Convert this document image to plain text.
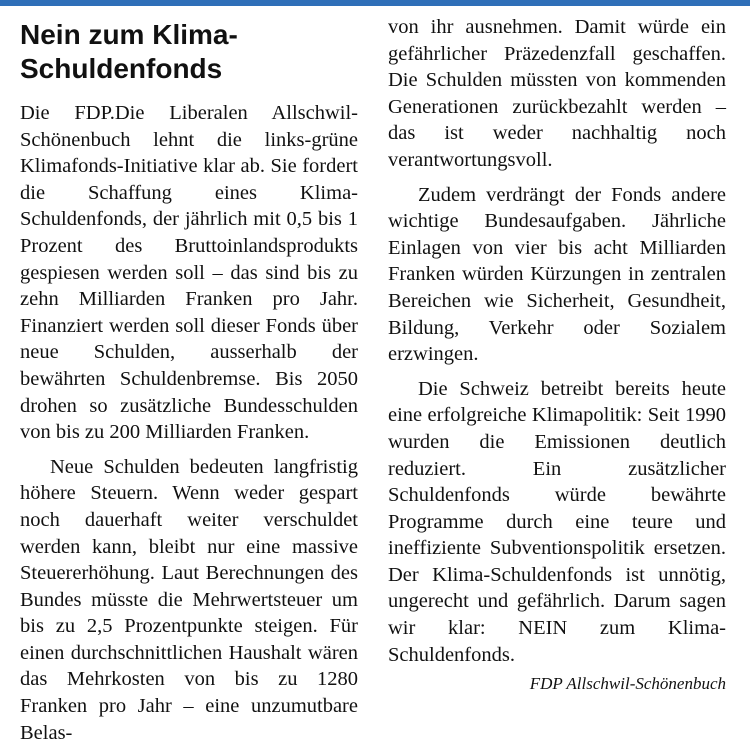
Nein zum Klima-
Schuldenfonds

Die FDP.Die Liberalen Allschwil-Schönenbuch lehnt die links-grüne Klimafonds-Initiative klar ab. Sie fordert die Schaffung eines Klima-Schuldenfonds, der jährlich mit 0,5 bis 1 Prozent des Bruttoinlandsprodukts gespiesen werden soll – das sind bis zu zehn Milliarden Franken pro Jahr. Finanziert werden soll dieser Fonds über neue Schulden, ausserhalb der bewährten Schuldenbremse. Bis 2050 drohen so zusätzliche Bundesschulden von bis zu 200 Milliarden Franken.

Neue Schulden bedeuten langfristig höhere Steuern. Wenn weder gespart noch dauerhaft weiter verschuldet werden kann, bleibt nur eine massive Steuererhöhung. Laut Berechnungen des Bundes müsste die Mehrwertsteuer um bis zu 2,5 Prozentpunkte steigen. Für einen durchschnittlichen Haushalt wären das Mehrkosten von bis zu 1280 Franken pro Jahr – eine unzumutbare Belas-

von ihr ausnehmen. Damit würde ein gefährlicher Präzedenzfall geschaffen. Die Schulden müssten von kommenden Generationen zurückbezahlt werden – das ist weder nachhaltig noch verantwortungsvoll.

Zudem verdrängt der Fonds andere wichtige Bundesaufgaben. Jährliche Einlagen von vier bis acht Milliarden Franken würden Kürzungen in zentralen Bereichen wie Sicherheit, Gesundheit, Bildung, Verkehr oder Sozialem erzwingen.

Die Schweiz betreibt bereits heute eine erfolgreiche Klimapolitik: Seit 1990 wurden die Emissionen deutlich reduziert. Ein zusätzlicher Schuldenfonds würde bewährte Programme durch eine teure und ineffiziente Subventionspolitik ersetzen. Der Klima-Schuldenfonds ist unnötig, ungerecht und gefährlich. Darum sagen wir klar: NEIN zum Klima-Schuldenfonds.

FDP Allschwil-Schönenbuch
